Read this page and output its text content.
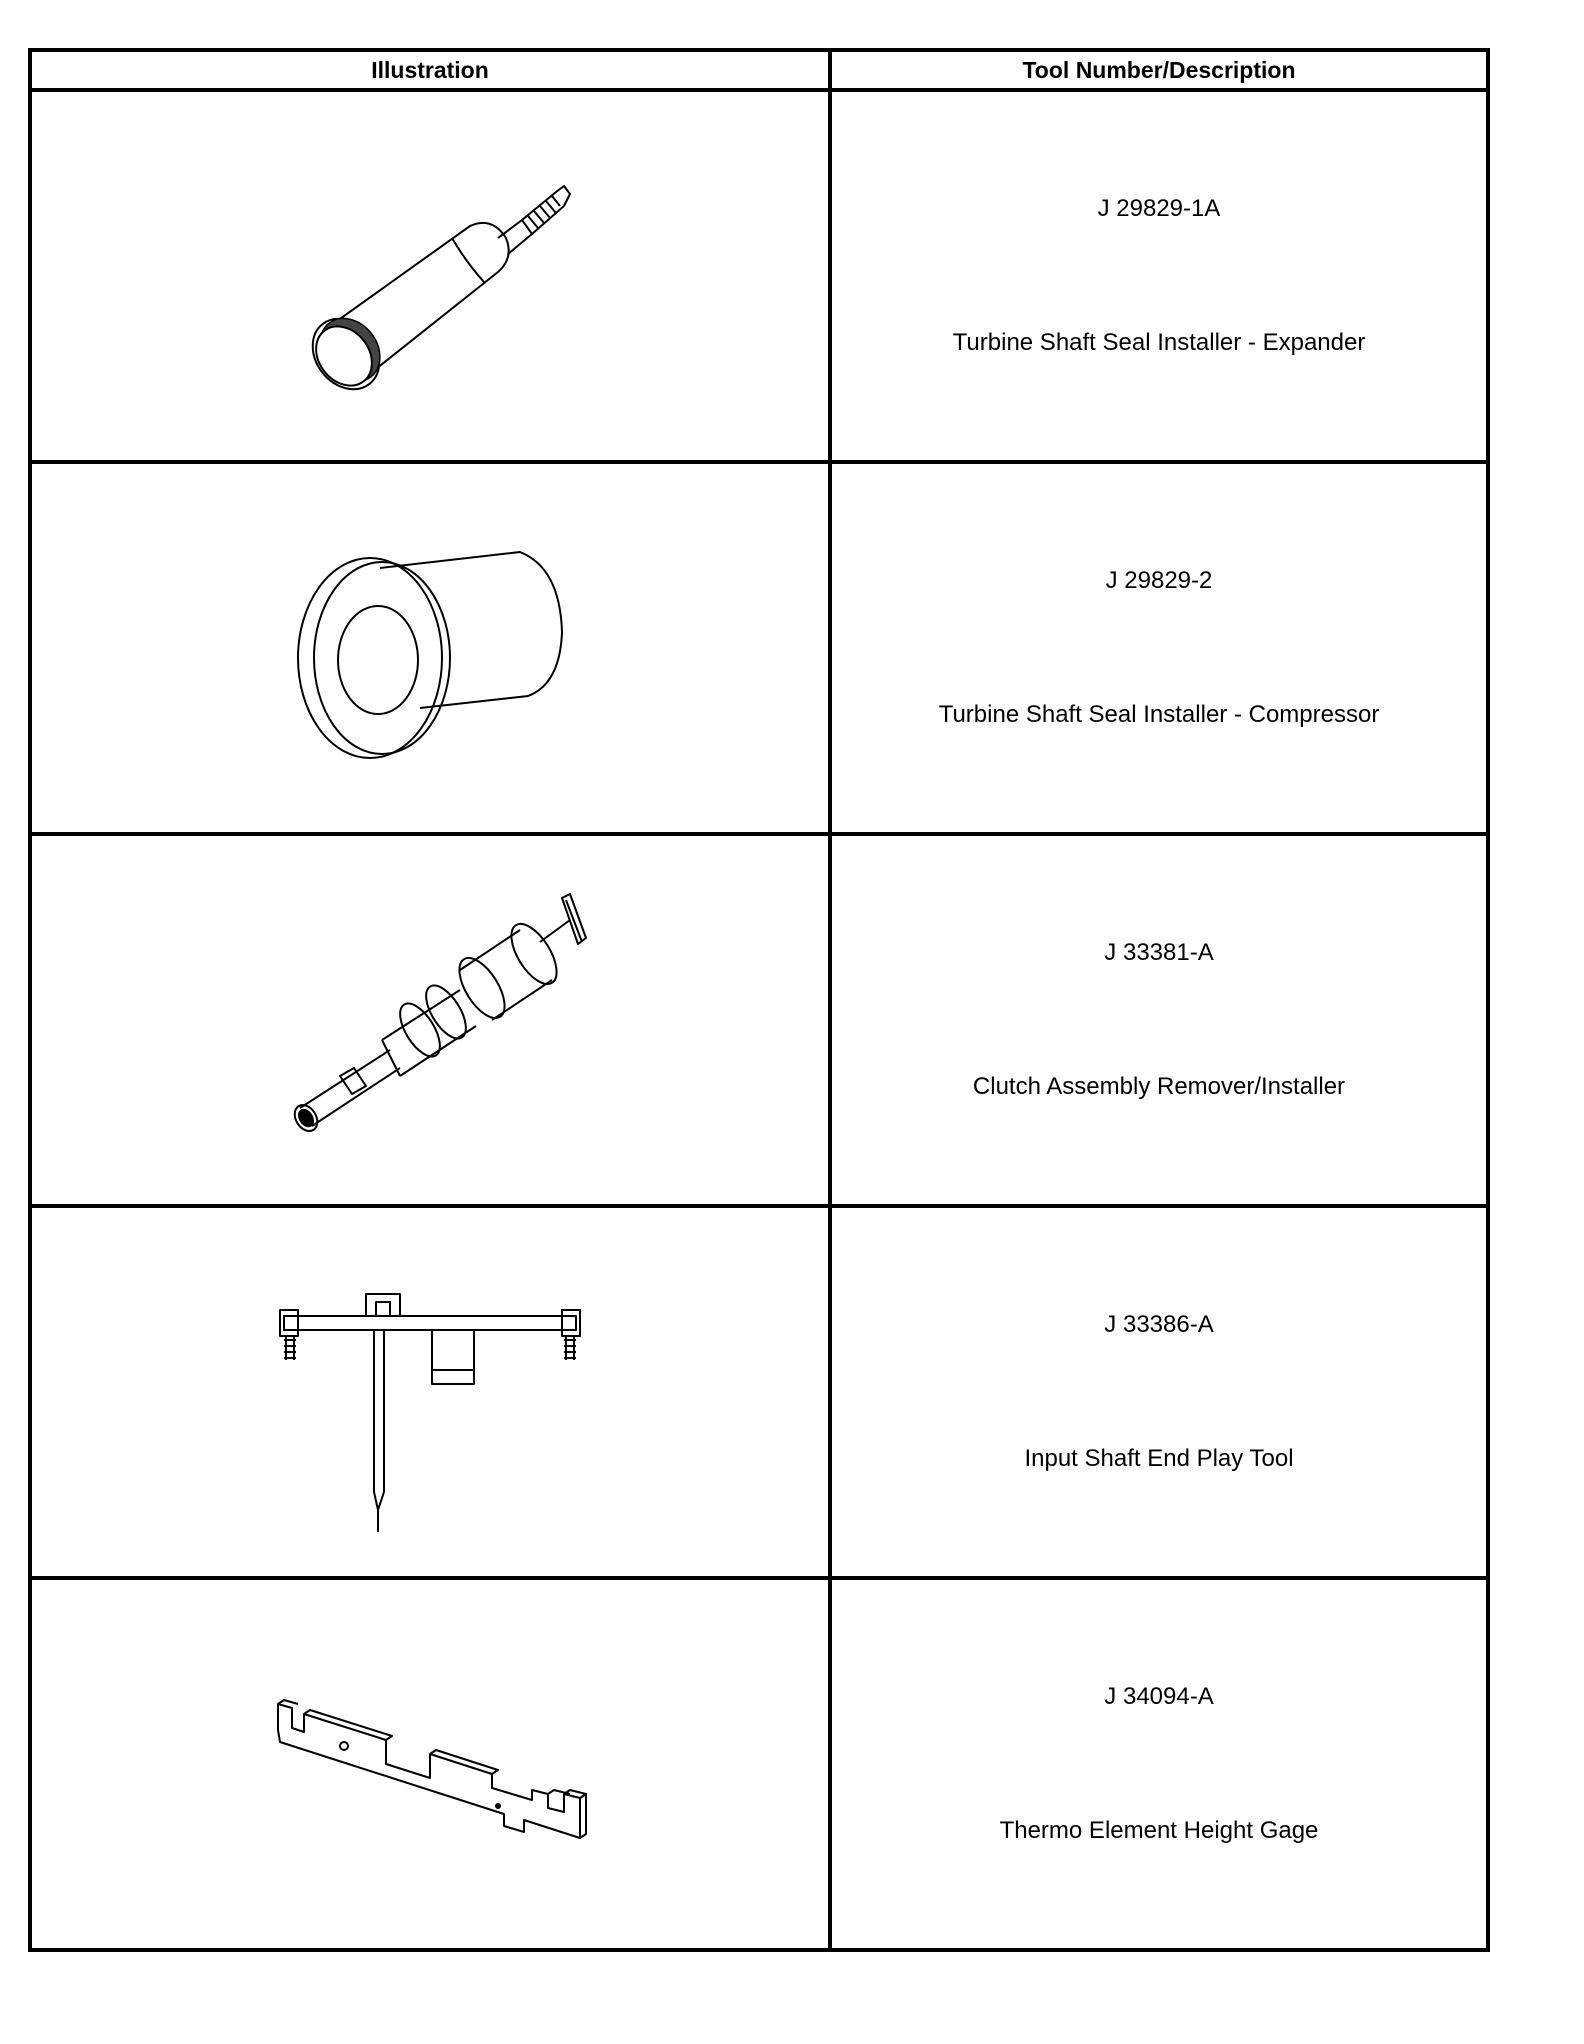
Illustration	Tool Number/Description

J 29829-1A
Turbine Shaft Seal Installer - Expander

J 29829-2
Turbine Shaft Seal Installer - Compressor

J 33381-A
Clutch Assembly Remover/Installer

J 33386-A
Input Shaft End Play Tool

J 34094-A
Thermo Element Height Gage
